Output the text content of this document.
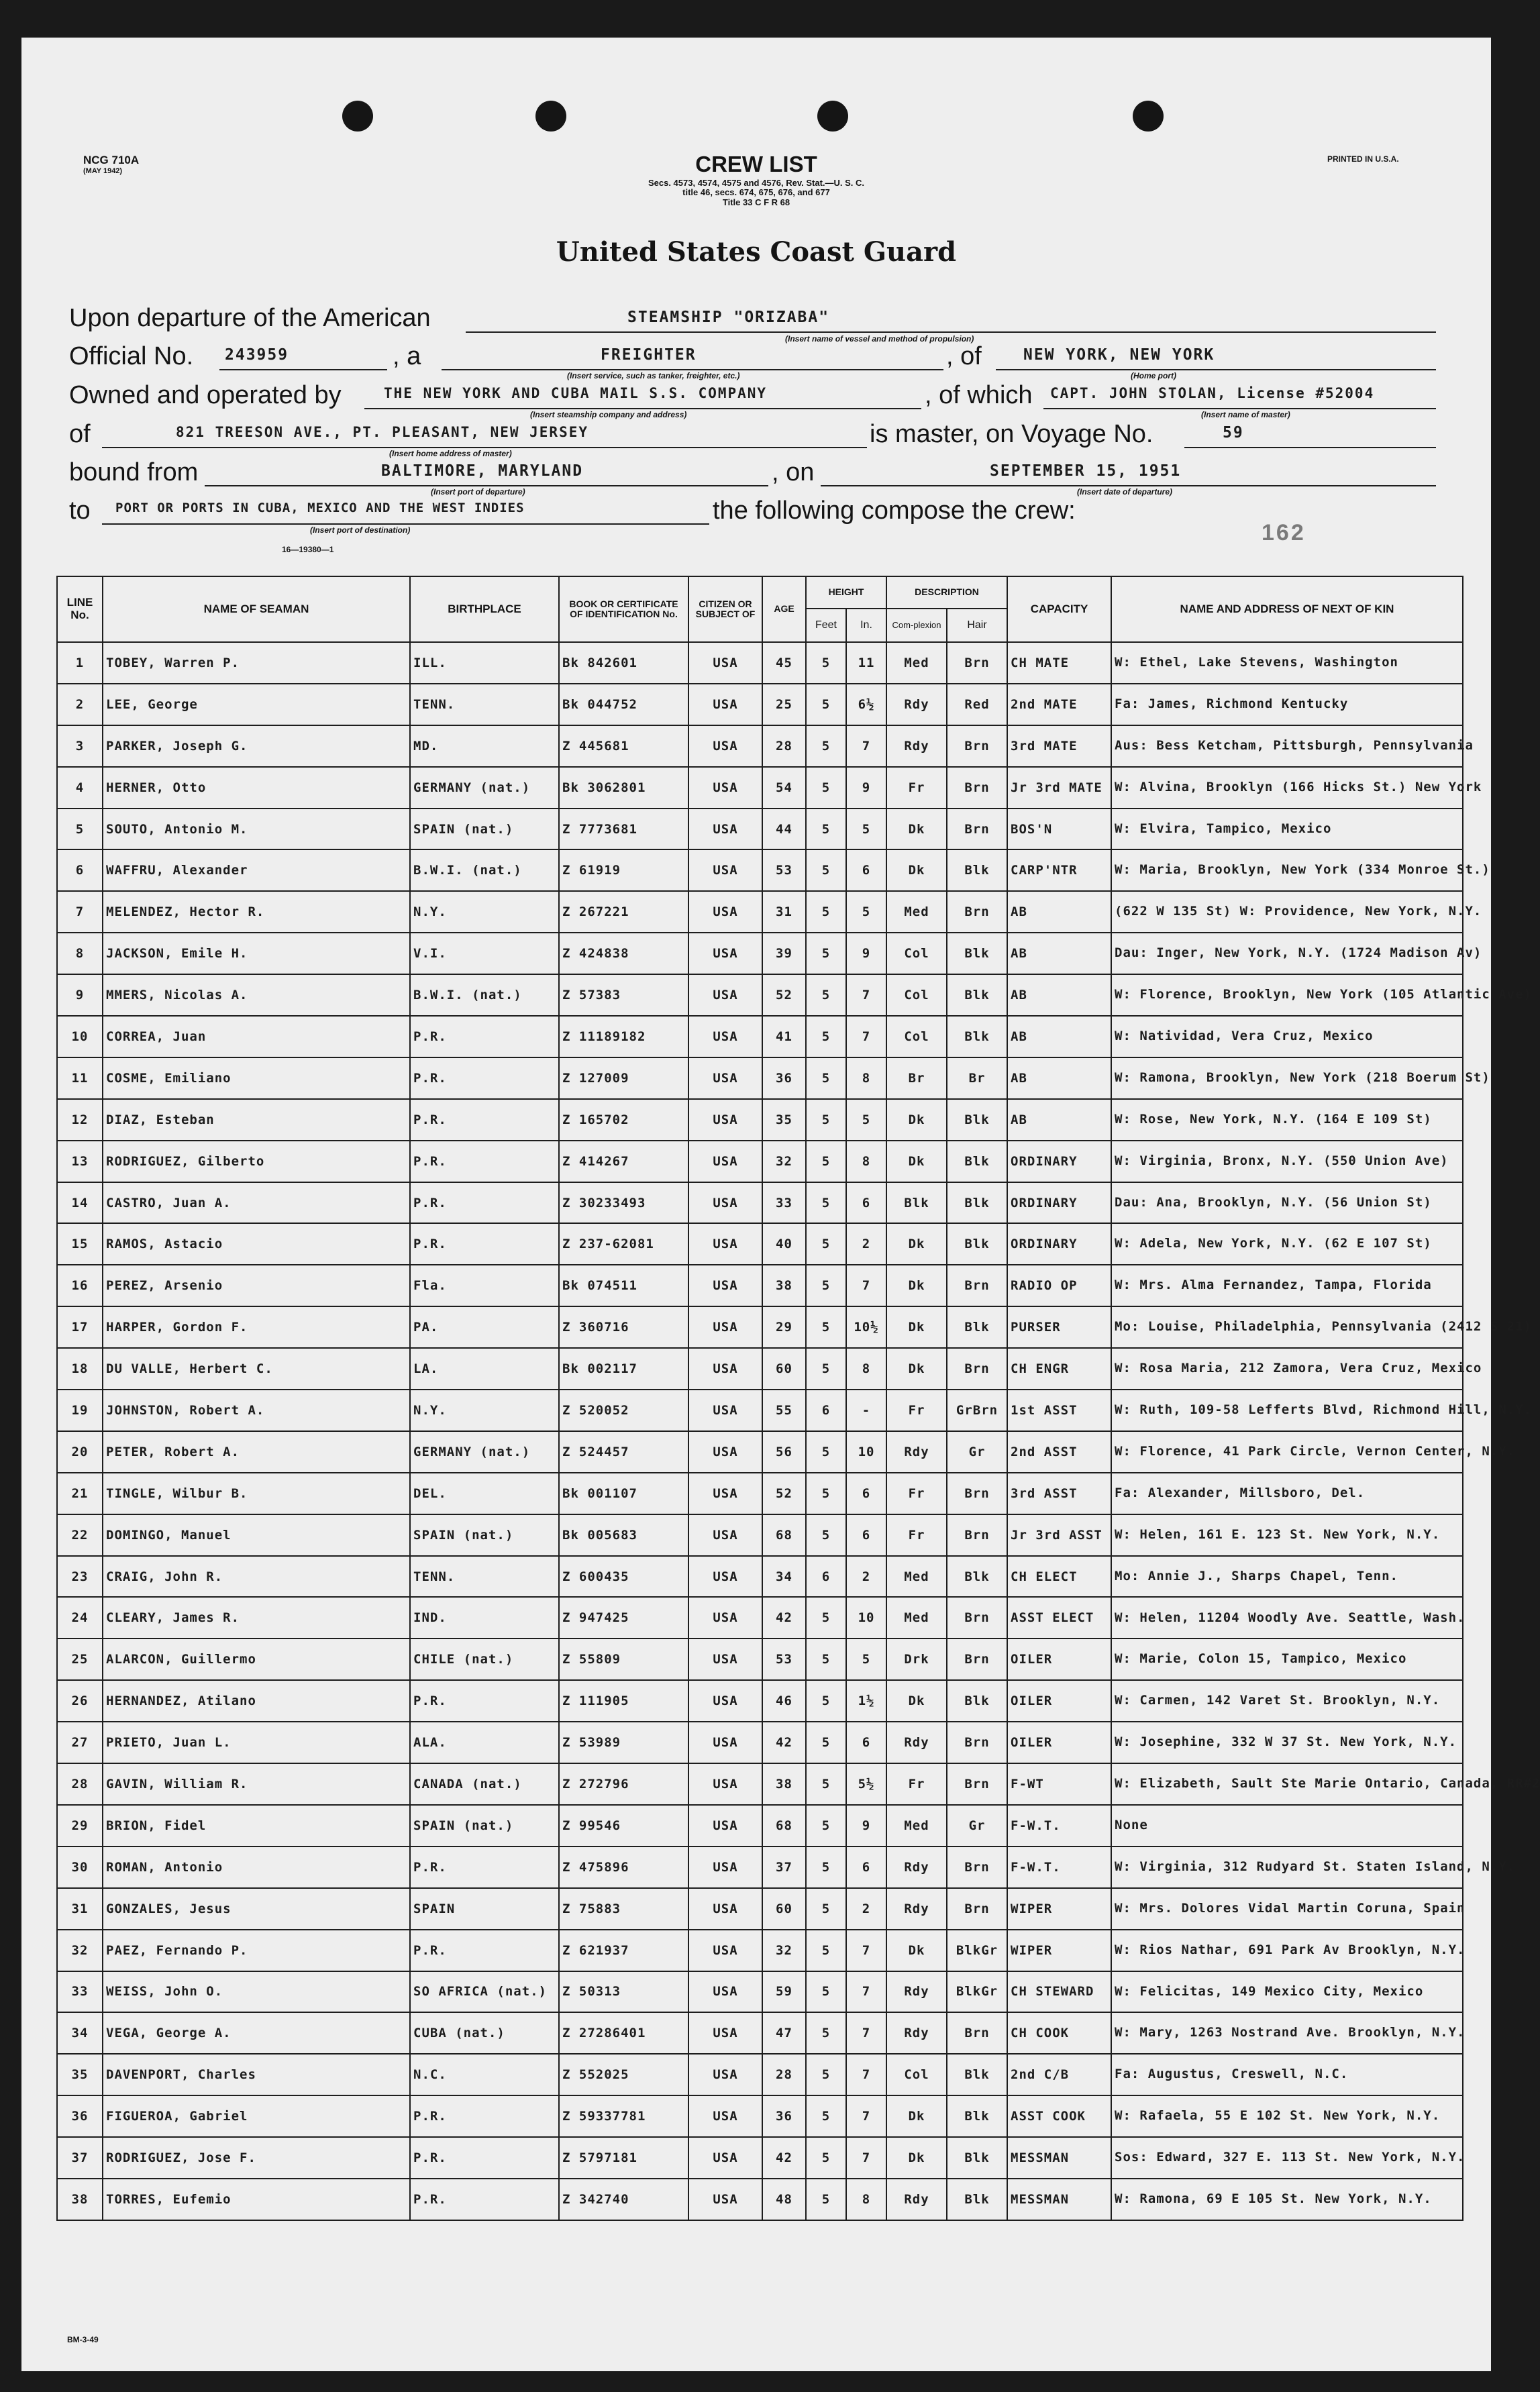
NCG 710A
(MAY 1942)
PRINTED IN U.S.A.
CREW LIST
Secs. 4573, 4574, 4575 and 4576, Rev. Stat.—U. S. C.
title 46, secs. 674, 675, 676, and 677
Title 33 C F R 68
United States Coast Guard
Upon departure of the American	STEAMSHIP "ORIZABA"
(Insert name of vessel and method of propulsion)
Official No. 243959	, a	FREIGHTER
(Insert service, such as tanker, freighter, etc.)
, of	NEW YORK, NEW YORK
(Home port)
Owned and operated by	THE NEW YORK AND CUBA MAIL S.S. COMPANY
(Insert steamship company and address)
, of which CAPT. JOHN STOLAN, License #52004
(Insert name of master)
of	821 TREESON AVE., PT. PLEASANT, NEW JERSEY
(Insert home address of master)
is master, on Voyage No.	59
bound from	BALTIMORE, MARYLAND
(Insert port of departure)
, on	SEPTEMBER 15, 1951
(Insert date of departure)
to PORT OR PORTS IN CUBA, MEXICO AND THE WEST INDIES
(Insert port of destination)
the following compose the crew:
16—19380—1
162
LINE No.	NAME OF SEAMAN	BIRTHPLACE	BOOK OR CERTIFICATE OF IDENTIFICATION No.	CITIZEN OR SUBJECT OF	AGE	HEIGHT		DESCRIPTION		CAPACITY	NAME AND ADDRESS OF NEXT OF KIN
						Feet	In.	Com-plexion	Hair		
1	TOBEY, Warren P.	ILL.	Bk 842601	USA	45	5	11	Med	Brn	CH MATE	W: Ethel, Lake Stevens, Washington
2	LEE, George	TENN.	Bk 044752	USA	25	5	6½	Rdy	Red	2nd MATE	Fa: James, Richmond Kentucky
3	PARKER, Joseph G.	MD.	Z 445681	USA	28	5	7	Rdy	Brn	3rd MATE	Aus: Bess Ketcham, Pittsburgh, Pennsylvania
4	HERNER, Otto	GERMANY (nat.)	Bk 3062801	USA	54	5	9	Fr	Brn	Jr 3rd MATE	W: Alvina, Brooklyn (166 Hicks St.) New York
5	SOUTO, Antonio M.	SPAIN (nat.)	Z 7773681	USA	44	5	5	Dk	Brn	BOS'N	W: Elvira, Tampico, Mexico
6	WAFFRU, Alexander	B.W.I. (nat.)	Z 61919	USA	53	5	6	Dk	Blk	CARP'NTR	W: Maria, Brooklyn, New York (334 Monroe St.)
7	MELENDEZ, Hector R.	N.Y.	Z 267221	USA	31	5	5	Med	Brn	AB	(622 W 135 St) W: Providence, New York, N.Y.
8	JACKSON, Emile H.	V.I.	Z 424838	USA	39	5	9	Col	Blk	AB	Dau: Inger, New York, N.Y. (1724 Madison Av)
9	MMERS, Nicolas A.	B.W.I. (nat.)	Z 57383	USA	52	5	7	Col	Blk	AB	W: Florence, Brooklyn, New York (105 Atlantic Ave)
10	CORREA, Juan	P.R.	Z 11189182	USA	41	5	7	Col	Blk	AB	W: Natividad, Vera Cruz, Mexico
11	COSME, Emiliano	P.R.	Z 127009	USA	36	5	8	Br	Br	AB	W: Ramona, Brooklyn, New York (218 Boerum St)
12	DIAZ, Esteban	P.R.	Z 165702	USA	35	5	5	Dk	Blk	AB	W: Rose, New York, N.Y. (164 E 109 St)
13	RODRIGUEZ, Gilberto	P.R.	Z 414267	USA	32	5	8	Dk	Blk	ORDINARY	W: Virginia, Bronx, N.Y. (550 Union Ave)
14	CASTRO, Juan A.	P.R.	Z 30233493	USA	33	5	6	Blk	Blk	ORDINARY	Dau: Ana, Brooklyn, N.Y. (56 Union St)
15	RAMOS, Astacio	P.R.	Z 237-62081	USA	40	5	2	Dk	Blk	ORDINARY	W: Adela, New York, N.Y. (62 E 107 St)
16	PEREZ, Arsenio	Fla.	Bk 074511	USA	38	5	7	Dk	Brn	RADIO OP	W: Mrs. Alma Fernandez, Tampa, Florida
17	HARPER, Gordon F.	PA.	Z 360716	USA	29	5	10½	Dk	Blk	PURSER	Mo: Louise, Philadelphia, Pennsylvania (2412 S 21)
18	DU VALLE, Herbert C.	LA.	Bk 002117	USA	60	5	8	Dk	Brn	CH ENGR	W: Rosa Maria, 212 Zamora, Vera Cruz, Mexico
19	JOHNSTON, Robert A.	N.Y.	Z 520052	USA	55	6	-	Fr	GrBrn	1st ASST	W: Ruth, 109-58 Lefferts Blvd, Richmond Hill, N.Y.
20	PETER, Robert A.	GERMANY (nat.)	Z 524457	USA	56	5	10	Rdy	Gr	2nd ASST	W: Florence, 41 Park Circle, Vernon Center, N.Y.
21	TINGLE, Wilbur B.	DEL.	Bk 001107	USA	52	5	6	Fr	Brn	3rd ASST	Fa: Alexander, Millsboro, Del.
22	DOMINGO, Manuel	SPAIN (nat.)	Bk 005683	USA	68	5	6	Fr	Brn	Jr 3rd ASST	W: Helen, 161 E. 123 St. New York, N.Y.
23	CRAIG, John R.	TENN.	Z 600435	USA	34	6	2	Med	Blk	CH ELECT	Mo: Annie J., Sharps Chapel, Tenn.
24	CLEARY, James R.	IND.	Z 947425	USA	42	5	10	Med	Brn	ASST ELECT	W: Helen, 11204 Woodly Ave. Seattle, Wash.
25	ALARCON, Guillermo	CHILE (nat.)	Z 55809	USA	53	5	5	Drk	Brn	OILER	W: Marie, Colon 15, Tampico, Mexico
26	HERNANDEZ, Atilano	P.R.	Z 111905	USA	46	5	1½	Dk	Blk	OILER	W: Carmen, 142 Varet St. Brooklyn, N.Y.
27	PRIETO, Juan L.	ALA.	Z 53989	USA	42	5	6	Rdy	Brn	OILER	W: Josephine, 332 W 37 St. New York, N.Y.
28	GAVIN, William R.	CANADA (nat.)	Z 272796	USA	38	5	5½	Fr	Brn	F-WT	W: Elizabeth, Sault Ste Marie Ontario, Canada, RR#2
29	BRION, Fidel	SPAIN (nat.)	Z 99546	USA	68	5	9	Med	Gr	F-W.T.	None
30	ROMAN, Antonio	P.R.	Z 475896	USA	37	5	6	Rdy	Brn	F-W.T.	W: Virginia, 312 Rudyard St. Staten Island, N.Y.
31	GONZALES, Jesus	SPAIN	Z 75883	USA	60	5	2	Rdy	Brn	WIPER	W: Mrs. Dolores Vidal Martin Coruna, Spain
32	PAEZ, Fernando P.	P.R.	Z 621937	USA	32	5	7	Dk	BlkGr	WIPER	W: Rios Nathar, 691 Park Av Brooklyn, N.Y.
33	WEISS, John O.	SO AFRICA (nat.)	Z 50313	USA	59	5	7	Rdy	BlkGr	CH STEWARD	W: Felicitas, 149 Mexico City, Mexico
34	VEGA, George A.	CUBA (nat.)	Z 27286401	USA	47	5	7	Rdy	Brn	CH COOK	W: Mary, 1263 Nostrand Ave. Brooklyn, N.Y.
35	DAVENPORT, Charles	N.C.	Z 552025	USA	28	5	7	Col	Blk	2nd C/B	Fa: Augustus, Creswell, N.C.
36	FIGUEROA, Gabriel	P.R.	Z 59337781	USA	36	5	7	Dk	Blk	ASST COOK	W: Rafaela, 55 E 102 St. New York, N.Y.
37	RODRIGUEZ, Jose F.	P.R.	Z 5797181	USA	42	5	7	Dk	Blk	MESSMAN	Sos: Edward, 327 E. 113 St. New York, N.Y.
38	TORRES, Eufemio	P.R.	Z 342740	USA	48	5	8	Rdy	Blk	MESSMAN	W: Ramona, 69 E 105 St. New York, N.Y.
BM-3-49
